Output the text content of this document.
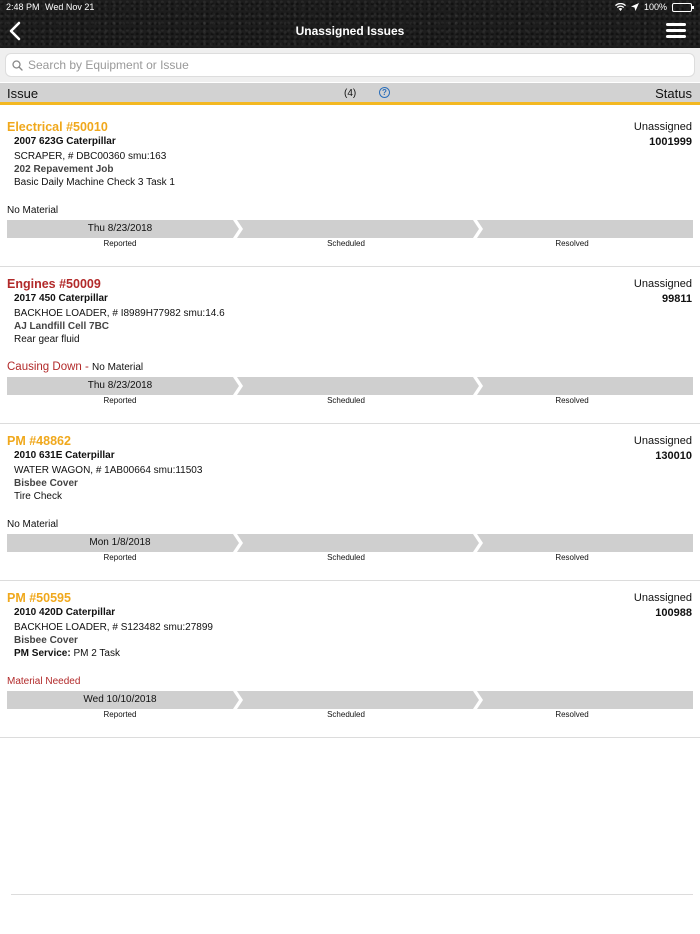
2:48 PM Wed Nov 21	100%
Unassigned Issues
Search by Equipment or Issue
Issue	(4)	?	Status
Electrical #50010	Unassigned
2007 623G Caterpillar	1001999
SCRAPER, # DBC00360 smu:163
202 Repavement Job
Basic Daily Machine Check 3 Task 1
No Material
Thu 8/23/2018
Reported	Scheduled	Resolved
Engines #50009	Unassigned
2017 450 Caterpillar	99811
BACKHOE LOADER, # I8989H77982 smu:14.6
AJ Landfill Cell 7BC
Rear gear fluid
Causing Down - No Material
Thu 8/23/2018
Reported	Scheduled	Resolved
PM #48862	Unassigned
2010 631E Caterpillar	130010
WATER WAGON, # 1AB00664 smu:11503
Bisbee Cover
Tire Check
No Material
Mon 1/8/2018
Reported	Scheduled	Resolved
PM #50595	Unassigned
2010 420D Caterpillar	100988
BACKHOE LOADER, # S123482 smu:27899
Bisbee Cover
PM Service: PM 2 Task
Material Needed
Wed 10/10/2018
Reported	Scheduled	Resolved
